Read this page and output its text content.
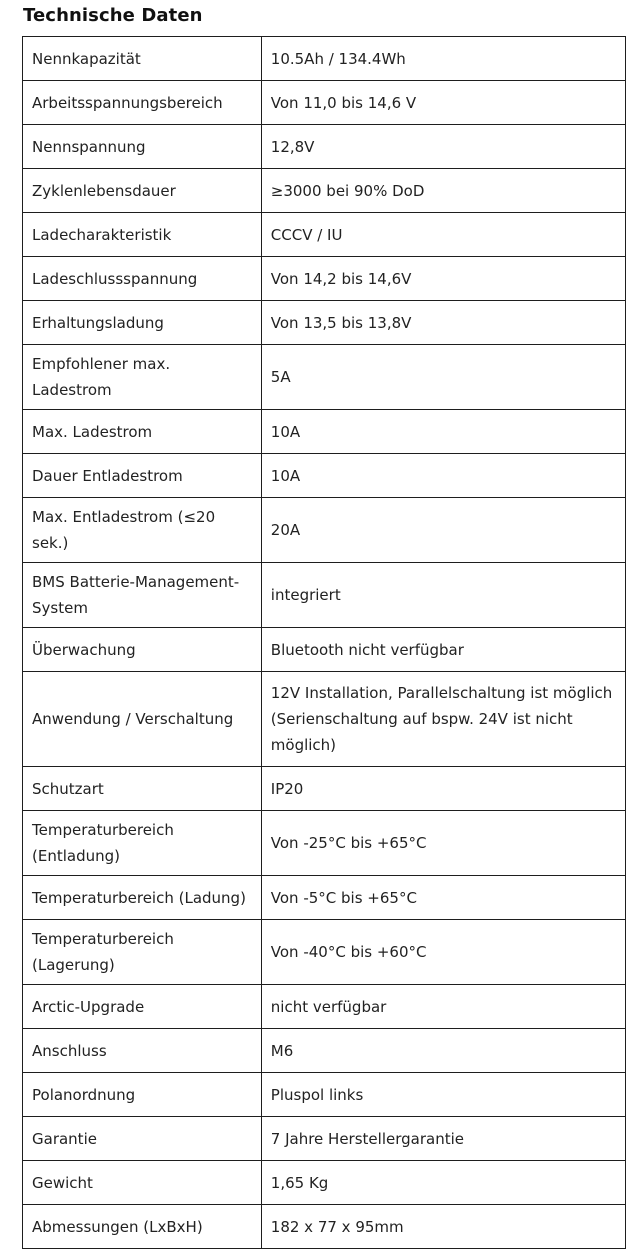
Technische Daten
Nennkapazität	10.5Ah / 134.4Wh
Arbeitsspannungsbereich	Von 11,0 bis 14,6 V
Nennspannung	12,8V
Zyklenlebensdauer	≥3000 bei 90% DoD
Ladecharakteristik	CCCV / IU
Ladeschlussspannung	Von 14,2 bis 14,6V
Erhaltungsladung	Von 13,5 bis 13,8V
Empfohlener max. Ladestrom	5A
Max. Ladestrom	10A
Dauer Entladestrom	10A
Max. Entladestrom (≤20 sek.)	20A
BMS Batterie-Management-System	integriert
Überwachung	Bluetooth nicht verfügbar
Anwendung / Verschaltung	12V Installation, Parallelschaltung ist möglich (Serienschaltung auf bspw. 24V ist nicht möglich)
Schutzart	IP20
Temperaturbereich (Entladung)	Von -25°C bis +65°C
Temperaturbereich (Ladung)	Von -5°C bis +65°C
Temperaturbereich (Lagerung)	Von -40°C bis +60°C
Arctic-Upgrade	nicht verfügbar
Anschluss	M6
Polanordnung	Pluspol links
Garantie	7 Jahre Herstellergarantie
Gewicht	1,65 Kg
Abmessungen (LxBxH)	182 x 77 x 95mm
